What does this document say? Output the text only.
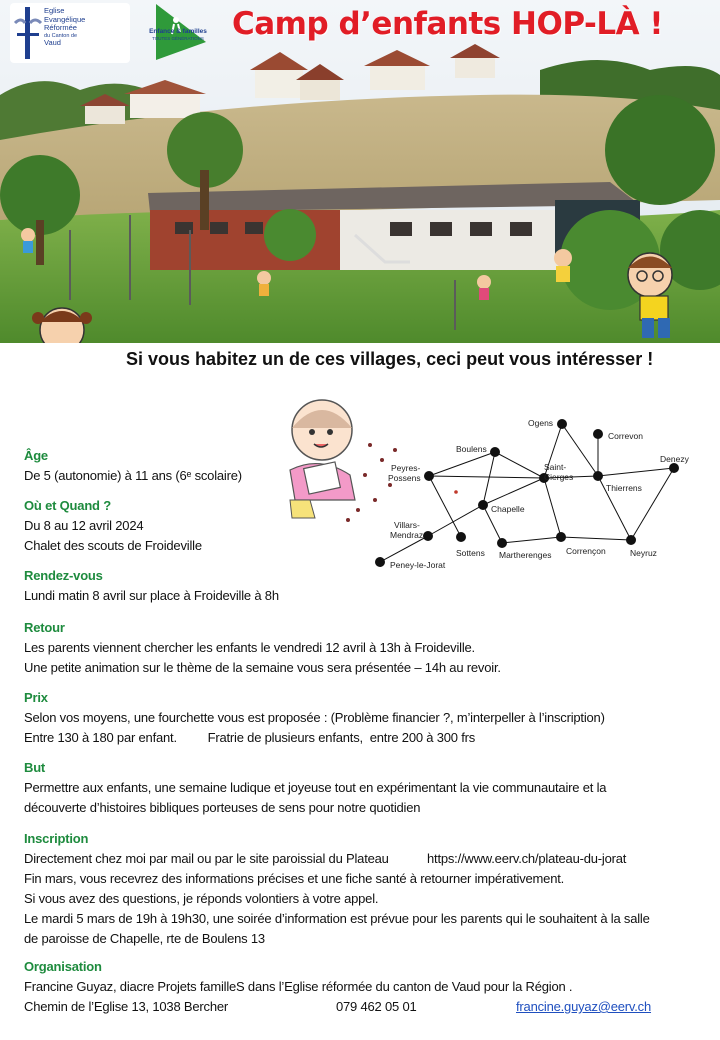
Eglise
Evangélique
Réformée
du Canton de
Vaud
Enfance & familles
TOUTES GÉNÉRATIONS Camp d’enfants HOP-LÀ !
Si vous habitez un de ces villages, ceci peut vous intéresser !
Ogens
Correvon
Boulens
Denezy
Peyres-
Possens
Saint-
Cierges
Thierrens
Chapelle
Villars-
Mendraz
Sottens Martherenges Correnҫon	Neyruz
Peney-le-Jorat
Âge
De 5 (autonomie) à 11 ans (6ᵉ scolaire)
Où et Quand ?
Du 8 au 12 avril 2024
Chalet des scouts de Froideville
Rendez-vous
Lundi matin 8 avril sur place à Froideville à 8h
Retour
Les parents viennent chercher les enfants le vendredi 12 avril à 13h à Froideville.
Une petite animation sur le thème de la semaine vous sera présentée – 14h au revoir.
Prix
Selon vos moyens, une fourchette vous est proposée : (Problème financier ?, m’interpeller à l’inscription)
Entre 130 à 180 par enfant.         Fratrie de plusieurs enfants,  entre 200 à 300 frs
But
Permettre aux enfants, une semaine ludique et joyeuse tout en expérimentant la vie communautaire et la
découverte d’histoires bibliques porteuses de sens pour notre quotidien
Inscription
Directement chez moi par mail ou par le site paroissial du Plateau	https://www.eerv.ch/plateau-du-jorat
Fin mars, vous recevrez des informations précises et une fiche santé à retourner impérativement.
Si vous avez des questions, je réponds volontiers à votre appel.
Le mardi 5 mars de 19h à 19h30, une soirée d’information est prévue pour les parents qui le souhaitent à la salle
de paroisse de Chapelle, rte de Boulens 13
Organisation
Francine Guyaz, diacre Projets familleS dans l’Eglise réformée du canton de Vaud pour la Région .
Chemin de l’Eglise 13, 1038 Bercher	079 462 05 01	francine.guyaz@eerv.ch
